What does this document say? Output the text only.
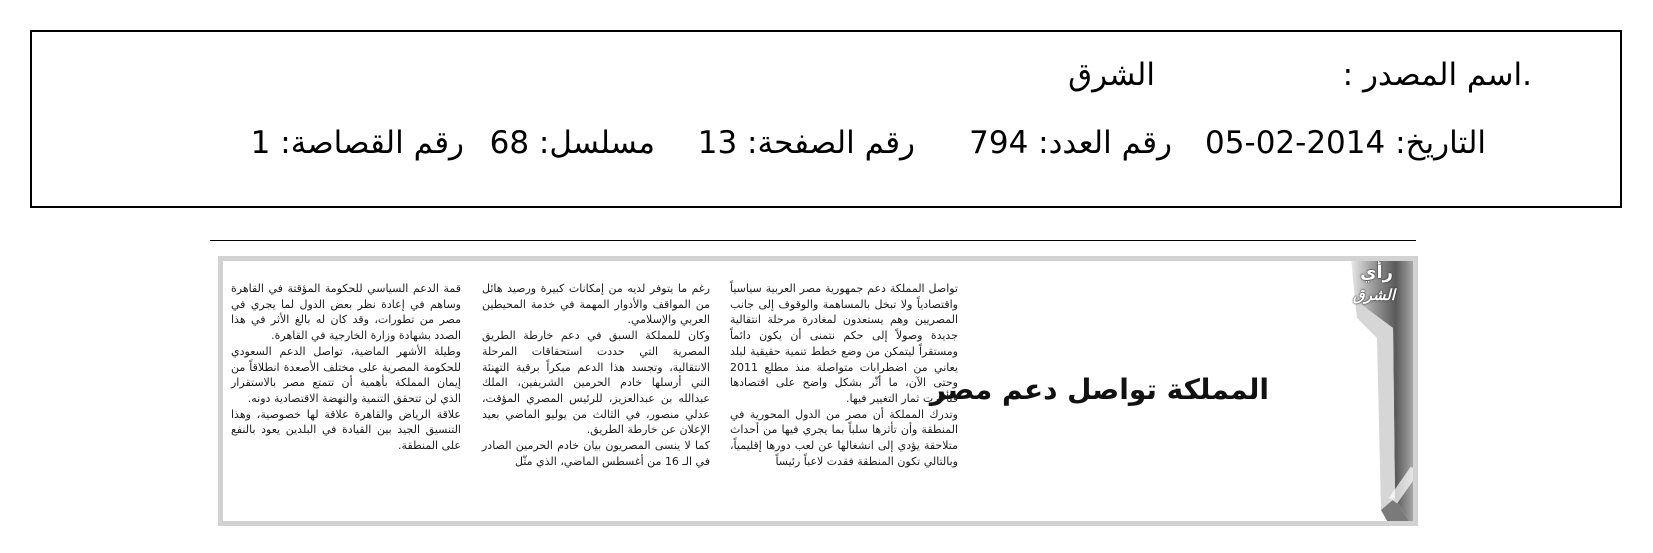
.اسم المصدر :
الشرق
التاريخ: 2014-02-05
رقم العدد: 794
رقم الصفحة: 13
مسلسل: 68
رقم القصاصة: 1
رأي
الشرق
المملكة تواصل دعم مصر

تواصل المملكة دعم جمهورية مصر العربية سياسياً واقتصادياً ولا تبخل بالمساهمة والوقوف إلى جانب المصريين وهم يستعدون لمغادرة مرحلة انتقالية جديدة وصولاً إلى حكم نتمنى أن يكون دائماً ومستقراً ليتمكن من وضع خطط تنمية حقيقية لبلد يعاني من اضطرابات متواصلة منذ مطلع 2011 وحتى الآن، ما أثّر بشكل واضح على اقتصادها فتأخرت ثمار التغيير فيها.

وتدرك المملكة أن مصر من الدول المحورية في المنطقة وأن تأثرها سلباً بما يجري فيها من أحداث متلاحقة يؤدي إلى انشغالها عن لعب دورها إقليمياً، وبالتالي تكون المنطقة فقدت لاعباً رئيساً

رغم ما يتوفر لديه من إمكانات كبيرة ورصيد هائل من المواقف والأدوار المهمة في خدمة المحيطين العربي والإسلامي.

وكان للمملكة السبق في دعم خارطة الطريق المصرية التي حددت استحقاقات المرحلة الانتقالية، وتجسد هذا الدعم مبكراً برقية التهنئة التي أرسلها خادم الحرمين الشريفين، الملك عبدالله بن عبدالعزيز، للرئيس المصري المؤقت، عدلي منصور، في الثالث من يوليو الماضي بعيد الإعلان عن خارطة الطريق.

كما لا ينسى المصريون بيان خادم الحرمين الصادر في الـ 16 من أغسطس الماضي، الذي مثّل

قمة الدعم السياسي للحكومة المؤقتة في القاهرة وساهم في إعادة نظر بعض الدول لما يجري في مصر من تطورات، وقد كان له بالغ الأثر في هذا الصدد بشهادة وزارة الخارجية في القاهرة.

وطيلة الأشهر الماضية، تواصل الدعم السعودي للحكومة المصرية على مختلف الأصعدة انطلاقاً من إيمان المملكة بأهمية أن تتمتع مصر بالاستقرار الذي لن تتحقق التنمية والنهضة الاقتصادية دونه.

علاقة الرياض والقاهرة علاقة لها خصوصية، وهذا التنسيق الجيد بين القيادة في البلدين يعود بالنفع على المنطقة.
